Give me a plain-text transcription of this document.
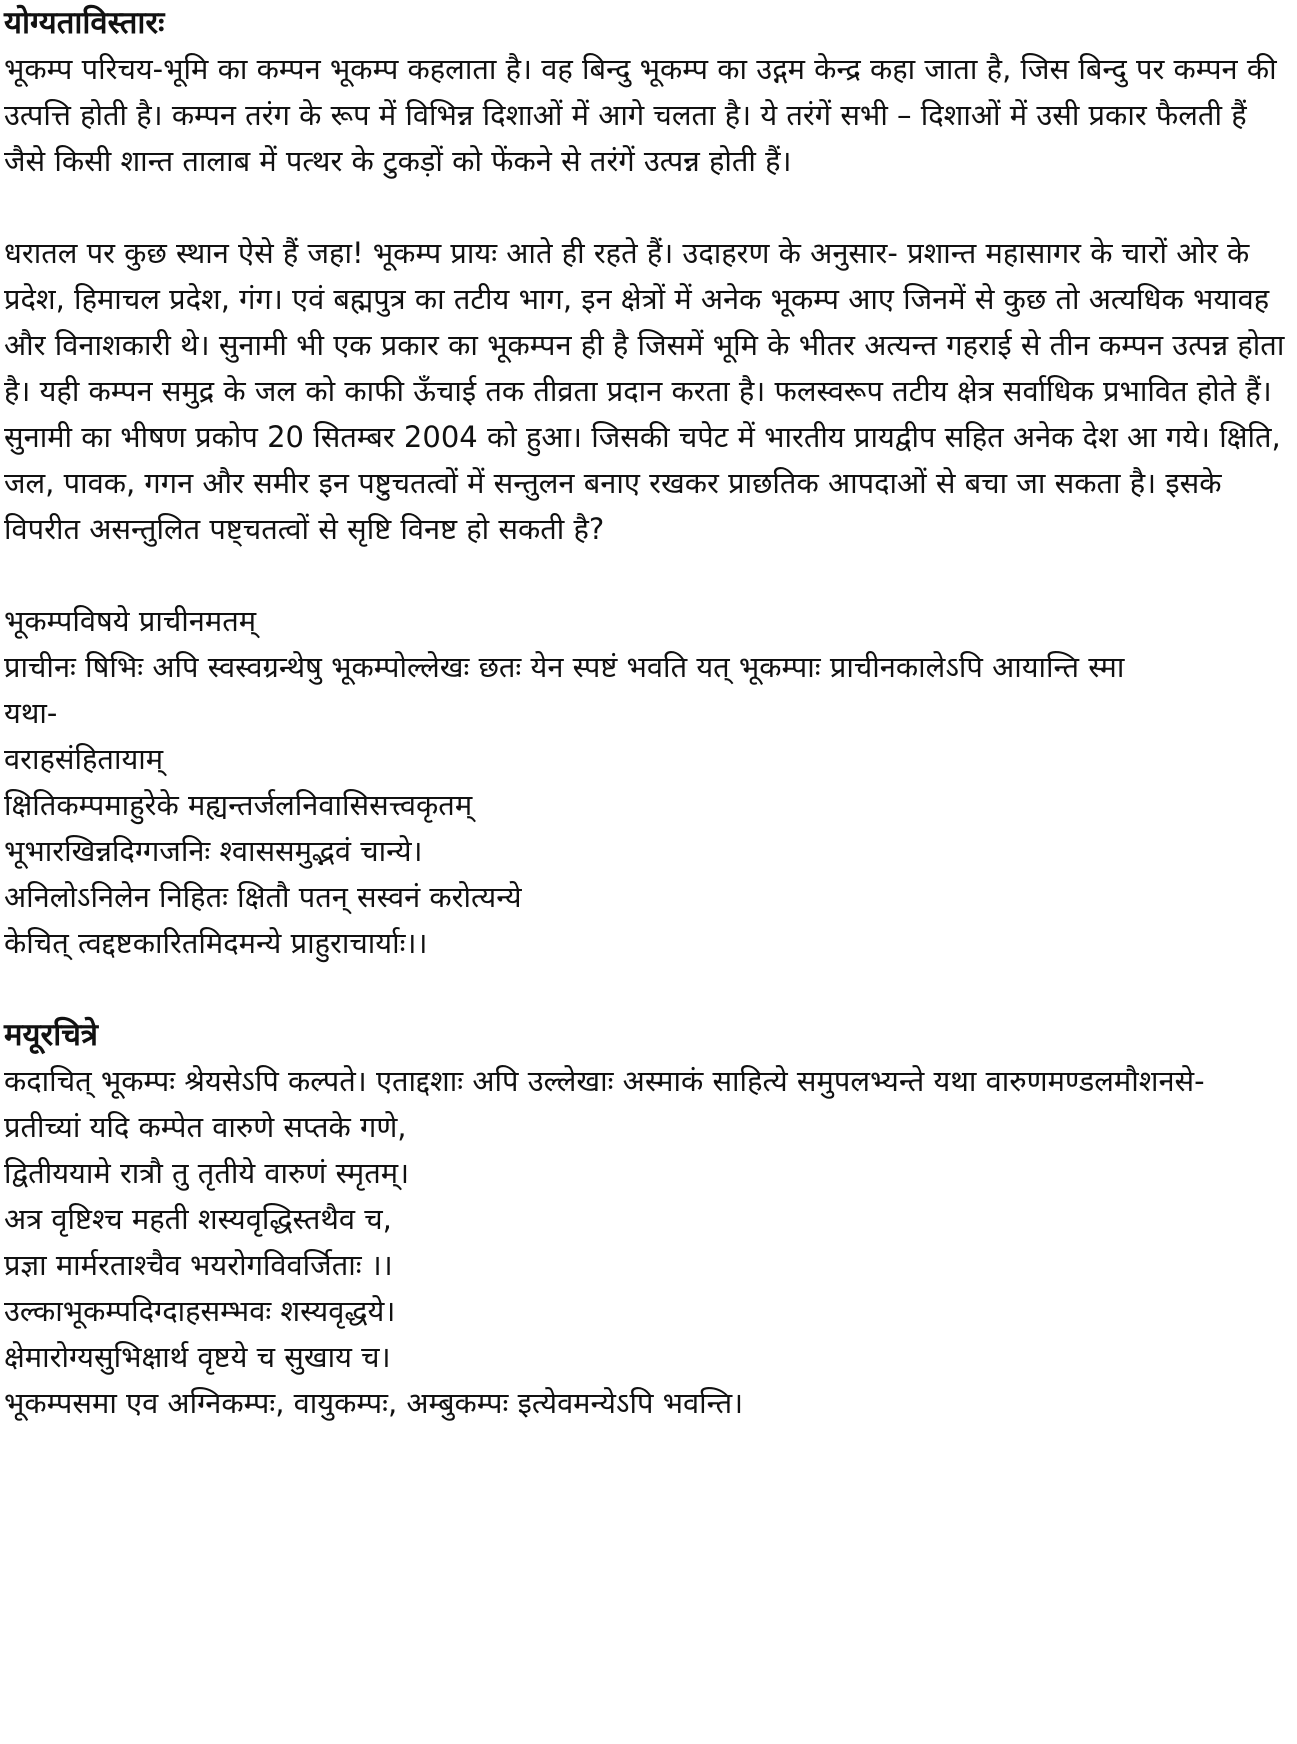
योग्यताविस्तारः

भूकम्प परिचय-भूमि का कम्पन भूकम्प कहलाता है। वह बिन्दु भूकम्प का उद्गम केन्द्र कहा जाता है, जिस बिन्दु पर कम्पन की उत्पत्ति होती है। कम्पन तरंग के रूप में विभिन्न दिशाओं में आगे चलता है। ये तरंगें सभी – दिशाओं में उसी प्रकार फैलती हैं जैसे किसी शान्त तालाब में पत्थर के टुकड़ों को फेंकने से तरंगें उत्पन्न होती हैं।

धरातल पर कुछ स्थान ऐसे हैं जहा! भूकम्प प्रायः आते ही रहते हैं। उदाहरण के अनुसार- प्रशान्त महासागर के चारों ओर के प्रदेश, हिमाचल प्रदेश, गंग। एवं बह्मपुत्र का तटीय भाग, इन क्षेत्रों में अनेक भूकम्प आए जिनमें से कुछ तो अत्यधिक भयावह और विनाशकारी थे। सुनामी भी एक प्रकार का भूकम्पन ही है जिसमें भूमि के भीतर अत्यन्त गहराई से तीन कम्पन उत्पन्न होता है। यही कम्पन समुद्र के जल को काफी ऊँचाई तक तीव्रता प्रदान करता है। फलस्वरूप तटीय क्षेत्र सर्वाधिक प्रभावित होते हैं। सुनामी का भीषण प्रकोप 20 सितम्बर 2004 को हुआ। जिसकी चपेट में भारतीय प्रायद्वीप सहित अनेक देश आ गये। क्षिति, जल, पावक, गगन और समीर इन पष्टुचतत्वों में सन्तुलन बनाए रखकर प्राछतिक आपदाओं से बचा जा सकता है। इसके विपरीत असन्तुलित पष्ट्चतत्वों से सृष्टि विनष्ट हो सकती है?

भूकम्पविषये प्राचीनमतम्

प्राचीनः षिभिः अपि स्वस्वग्रन्थेषु भूकम्पोल्लेखः छतः येन स्पष्टं भवति यत् भूकम्पाः प्राचीनकालेऽपि आयान्ति स्मा

यथा-
वराहसंहितायाम्
क्षितिकम्पमाहुरेके मह्यन्तर्जलनिवासिसत्त्वकृतम्
भूभारखिन्नदिग्गजनिः श्वाससमुद्भवं चान्ये।
अनिलोऽनिलेन निहितः क्षितौ पतन् सस्वनं करोत्यन्ये
केचित् त्वद्दष्टकारितमिदमन्ये प्राहुराचार्याः।।
मयूरचित्रे

कदाचित् भूकम्पः श्रेयसेऽपि कल्पते। एताद्दशाः अपि उल्लेखाः अस्माकं साहित्ये समुपलभ्यन्ते यथा वारुणमण्डलमौशनसे-

प्रतीच्यां यदि कम्पेत वारुणे सप्तके गणे,
द्वितीययामे रात्रौ तु तृतीये वारुणं स्मृतम्।
अत्र वृष्टिश्च महती शस्यवृद्धिस्तथैव च,
प्रज्ञा मार्मरताश्चैव भयरोगविवर्जिताः ।।
उल्काभूकम्पदिग्दाहसम्भवः शस्यवृद्धये।
क्षेमारोग्यसुभिक्षार्थ वृष्टये च सुखाय च।
भूकम्पसमा एव अग्निकम्पः, वायुकम्पः, अम्बुकम्पः इत्येवमन्येऽपि भवन्ति।
